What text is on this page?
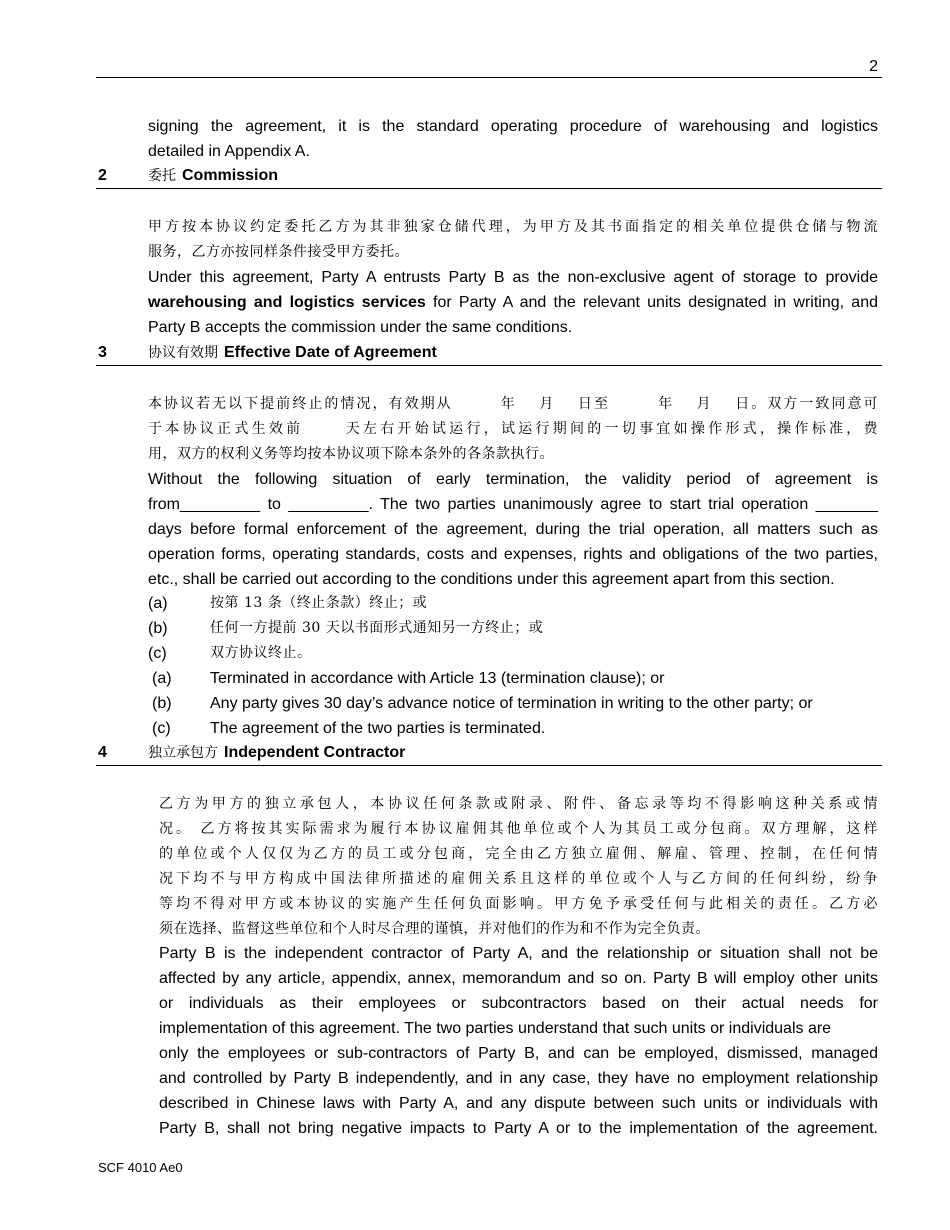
2
signing the agreement, it is the standard operating procedure of warehousing and logistics
detailed in Appendix A.
2	委托 Commission
甲方按本协议约定委托乙方为其非独家仓储代理，为甲方及其书面指定的相关单位提供仓储与物流
服务，乙方亦按同样条件接受甲方委托。
Under this agreement, Party A entrusts Party B as the non-exclusive agent of storage to provide
warehousing and logistics services for Party A and the relevant units designated in writing, and
Party B accepts the commission under the same conditions.
3	协议有效期 Effective Date of Agreement
本协议若无以下提前终止的情况，有效期从　　　年　 月　 日至　　　年　 月　 日。双方一致同意可
于本协议正式生效前　　 天左右开始试运行，试运行期间的一切事宜如操作形式，操作标准，费
用，双方的权利义务等均按本协议项下除本条外的各条款执行。
Without the following situation of early termination, the validity period of agreement is
from_________ to _________. The two parties unanimously agree to start trial operation _______
days before formal enforcement of the agreement, during the trial operation, all matters such as
operation forms, operating standards, costs and expenses, rights and obligations of the two parties,
etc., shall be carried out according to the conditions under this agreement apart from this section.
(a)	按第 13 条（终止条款）终止；或
(b)	任何一方提前 30 天以书面形式通知另一方终止；或
(c)	双方协议终止。
(a) Terminated in accordance with Article 13 (termination clause); or
(b) Any party gives 30 day’s advance notice of termination in writing to the other party; or
(c) The agreement of the two parties is terminated.
4	独立承包方 Independent Contractor
乙方为甲方的独立承包人，本协议任何条款或附录、附件、备忘录等均不得影响这种关系或情
况。 乙方将按其实际需求为履行本协议雇佣其他单位或个人为其员工或分包商。双方理解，这样
的单位或个人仅仅为乙方的员工或分包商，完全由乙方独立雇佣、解雇、管理、控制，在任何情
况下均不与甲方构成中国法律所描述的雇佣关系且这样的单位或个人与乙方间的任何纠纷，纷争
等均不得对甲方或本协议的实施产生任何负面影响。甲方免予承受任何与此相关的责任。乙方必
须在选择、监督这些单位和个人时尽合理的谨慎，并对他们的作为和不作为完全负责。
Party B is the independent contractor of Party A, and the relationship or situation shall not be
affected by any article, appendix, annex, memorandum and so on. Party B will employ other units
or individuals as their employees or subcontractors based on their actual needs for
implementation of this agreement. The two parties understand that such units or individuals are
only the employees or sub-contractors of Party B, and can be employed, dismissed, managed
and controlled by Party B independently, and in any case, they have no employment relationship
described in Chinese laws with Party A, and any dispute between such units or individuals with
Party B, shall not bring negative impacts to Party A or to the implementation of the agreement.
SCF 4010 Ae0
